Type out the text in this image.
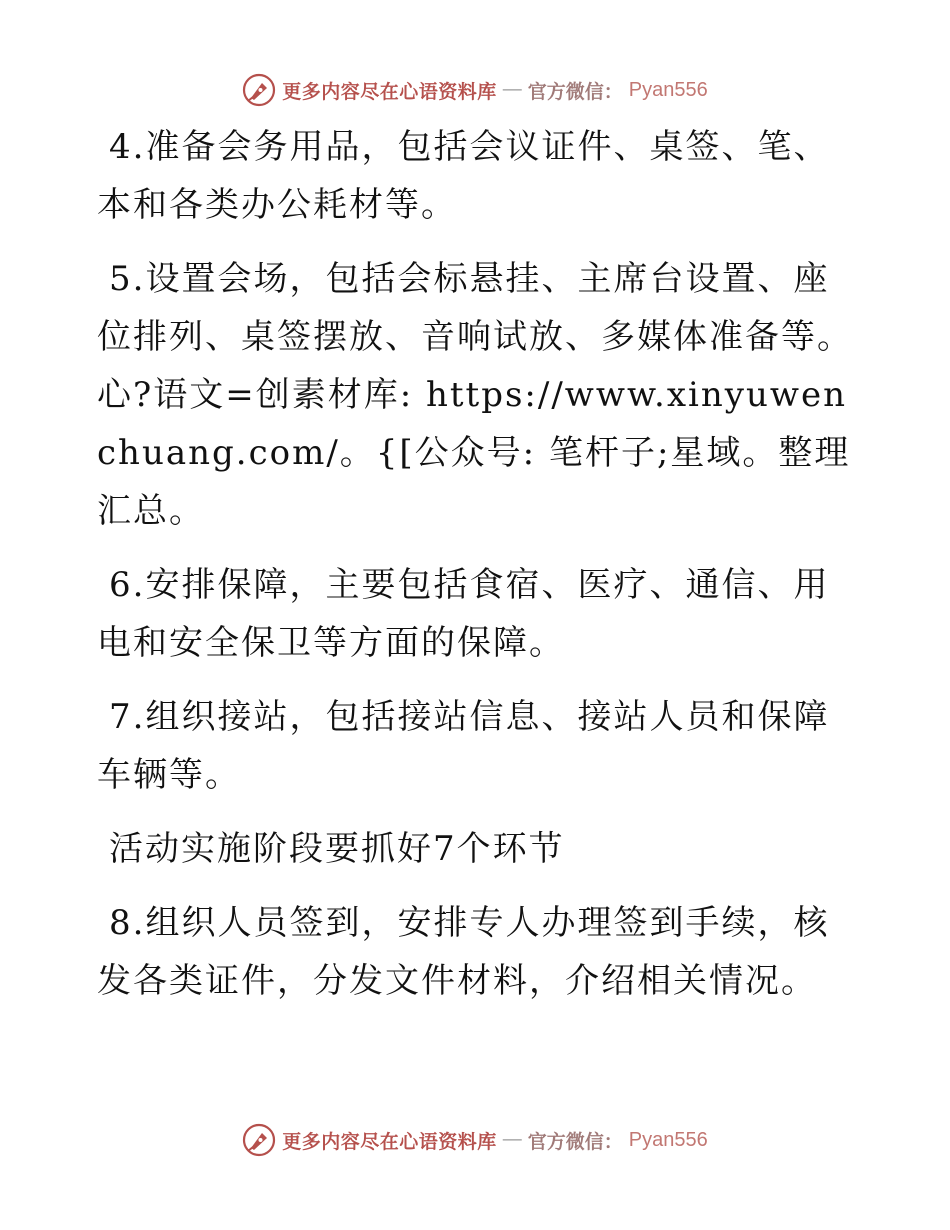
更多内容尽在心语资料库 — 官方微信： Pyan556

4.准备会务用品，包括会议证件、桌签、笔、本和各类办公耗材等。

5.设置会场，包括会标悬挂、主席台设置、座位排列、桌签摆放、音响试放、多媒体准备等。心?语文=创素材库: https://www.xinyuwenchuang.com/。{[公众号: 笔杆子;星域。整理汇总。

6.安排保障，主要包括食宿、医疗、通信、用电和安全保卫等方面的保障。

7.组织接站，包括接站信息、接站人员和保障车辆等。

活动实施阶段要抓好7个环节

8.组织人员签到，安排专人办理签到手续，核发各类证件，分发文件材料，介绍相关情况。

更多内容尽在心语资料库 — 官方微信： Pyan556
